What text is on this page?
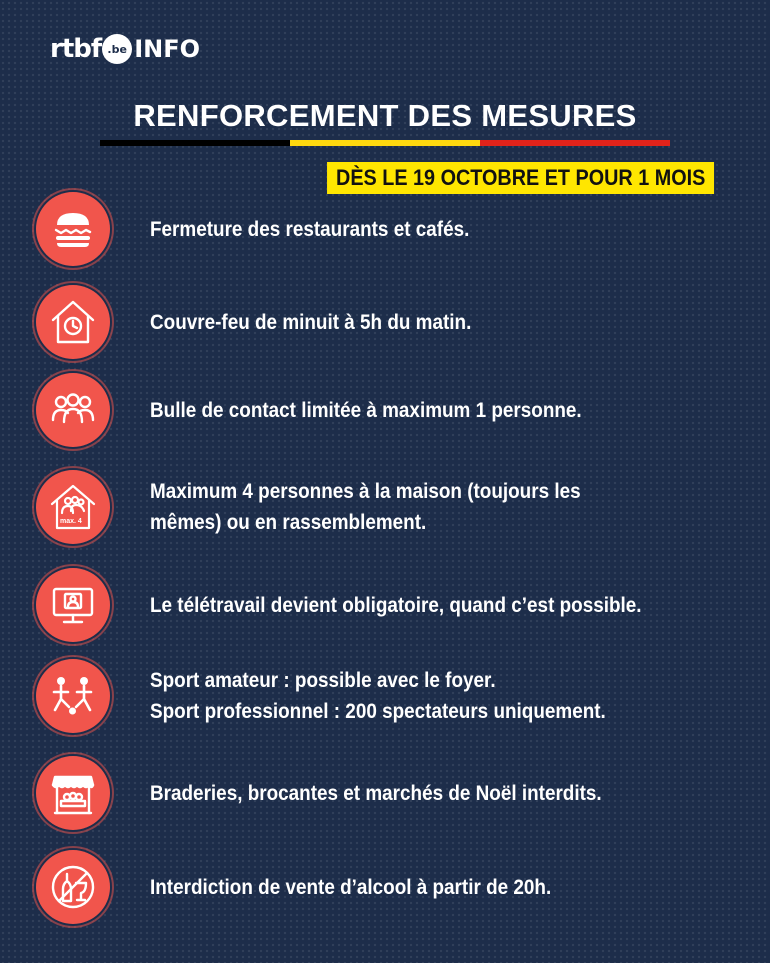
rtbf .be INFO
RENFORCEMENT DES MESURES
DÈS LE 19 OCTOBRE ET POUR 1 MOIS
Fermeture des restaurants et cafés.
Couvre-feu de minuit à 5h du matin.
Bulle de contact limitée à maximum 1 personne.
max. 4
Maximum 4 personnes à la maison (toujours les
mêmes) ou en rassemblement.
Le télétravail devient obligatoire, quand c’est possible.
Sport amateur : possible avec le foyer.
Sport professionnel : 200 spectateurs uniquement.
Braderies, brocantes et marchés de Noël interdits.
Interdiction de vente d’alcool à partir de 20h.
